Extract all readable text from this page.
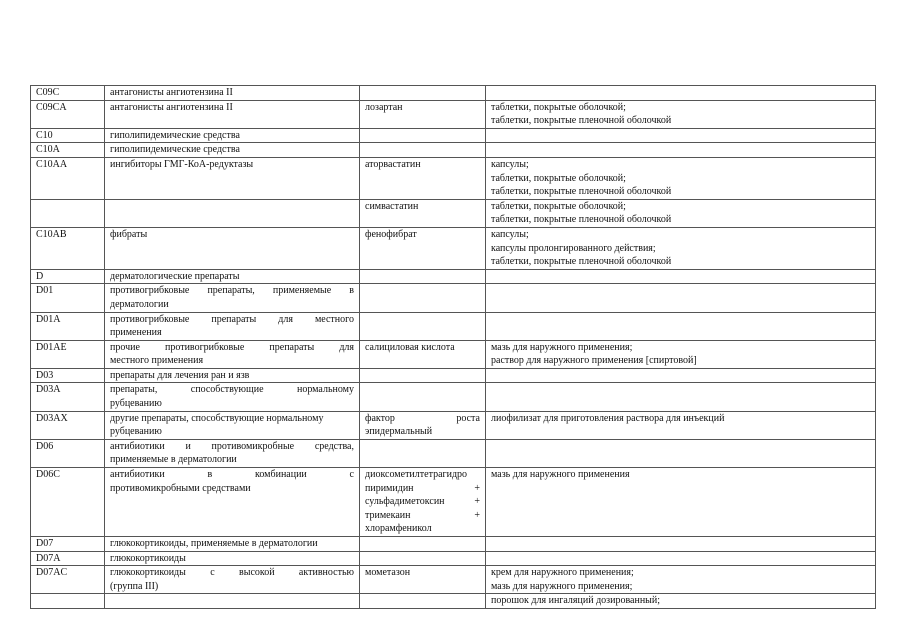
C09C	антагонисты ангиотензина II		

C09CA	антагонисты ангиотензина II	лозартан	таблетки, покрытые оболочкой;
таблетки, покрытые пленочной оболочкой

C10	гиполипидемические средства		

C10A	гиполипидемические средства		

C10AA	ингибиторы ГМГ-КоА-редуктазы	аторвастатин	капсулы;
таблетки, покрытые оболочкой;
таблетки, покрытые пленочной оболочкой

		симвастатин	таблетки, покрытые оболочкой;
таблетки, покрытые пленочной оболочкой

C10AB	фибраты	фенофибрат	капсулы;
капсулы пролонгированного действия;
таблетки, покрытые пленочной оболочкой

D	дерматологические препараты		

D01	противогрибковые препараты, применяемые в
дерматологии		

D01A	противогрибковые препараты для местного
применения		

D01AE	прочие противогрибковые препараты для
местного применения	салициловая кислота	мазь для наружного применения;
раствор для наружного применения [спиртовой]

D03	препараты для лечения ран и язв		

D03A	препараты, способствующие нормальному
рубцеванию		

D03AX	другие препараты, способствующие нормальному
рубцеванию	фактор роста
эпидермальный	лиофилизат для приготовления раствора для инъекций

D06	антибиотики и противомикробные средства,
применяемые в дерматологии		

D06C	антибиотики в комбинации с
противомикробными средствами	диоксометилтетрагидро
пиримидин +
сульфадиметоксин +
тримекаин +
хлорамфеникол	мазь для наружного применения

D07	глюкокортикоиды, применяемые в дерматологии		

D07A	глюкокортикоиды		

D07AC	глюкокортикоиды с высокой активностью
(группа III)	мометазон	крем для наружного применения;
мазь для наружного применения;

			порошок для ингаляций дозированный;
